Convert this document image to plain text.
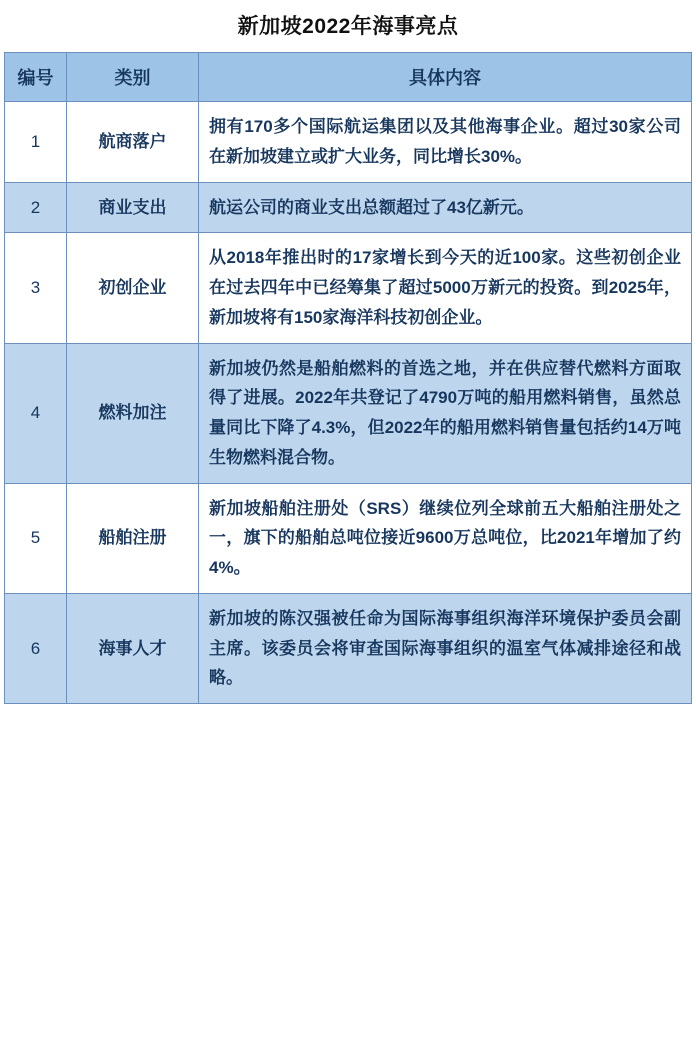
新加坡2022年海事亮点
编号	类别	具体内容
1	航商落户	拥有170多个国际航运集团以及其他海事企业。超过30家公司在新加坡建立或扩大业务，同比增长30%。
2	商业支出	航运公司的商业支出总额超过了43亿新元。
3	初创企业	从2018年推出时的17家增长到今天的近100家。这些初创企业在过去四年中已经筹集了超过5000万新元的投资。到2025年，新加坡将有150家海洋科技初创企业。
4	燃料加注	新加坡仍然是船舶燃料的首选之地，并在供应替代燃料方面取得了进展。2022年共登记了4790万吨的船用燃料销售，虽然总量同比下降了4.3%，但2022年的船用燃料销售量包括约14万吨生物燃料混合物。
5	船舶注册	新加坡船舶注册处（SRS）继续位列全球前五大船舶注册处之一，旗下的船舶总吨位接近9600万总吨位，比2021年增加了约4%。
6	海事人才	新加坡的陈汉强被任命为国际海事组织海洋环境保护委员会副主席。该委员会将审查国际海事组织的温室气体减排途径和战略。
